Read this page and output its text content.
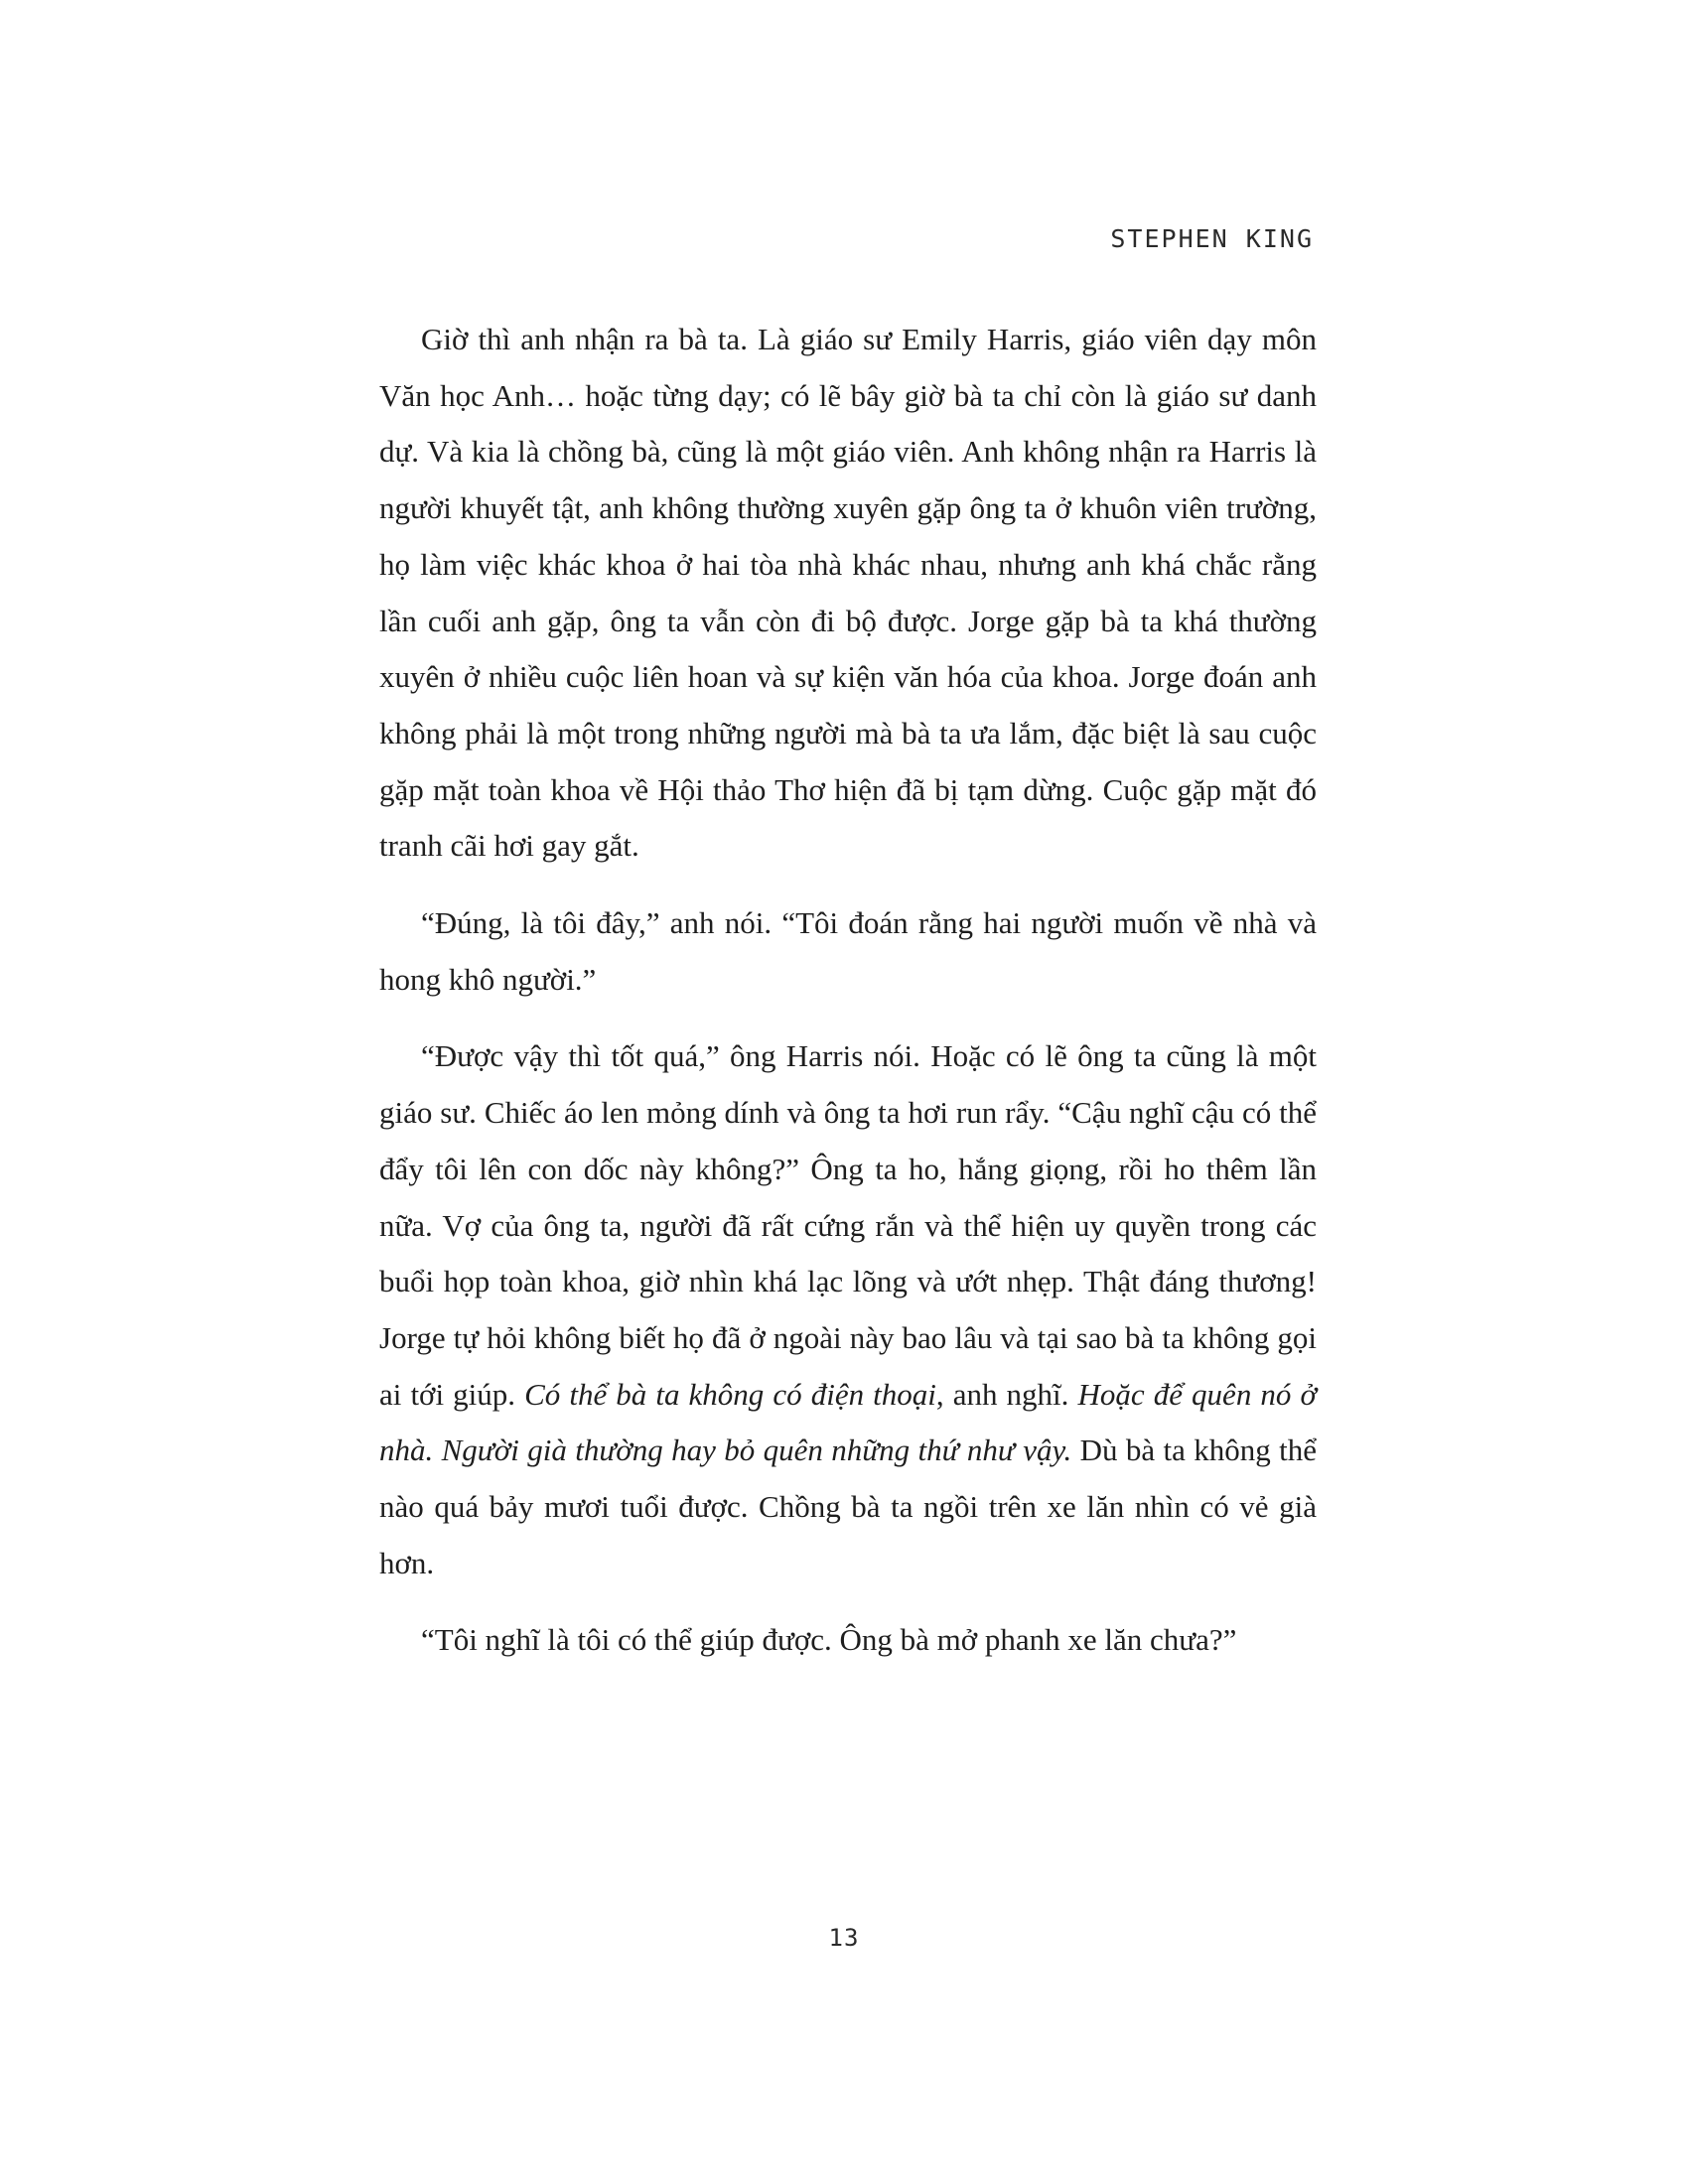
STEPHEN KING

Giờ thì anh nhận ra bà ta. Là giáo sư Emily Harris, giáo viên dạy môn Văn học Anh… hoặc từng dạy; có lẽ bây giờ bà ta chỉ còn là giáo sư danh dự. Và kia là chồng bà, cũng là một giáo viên. Anh không nhận ra Harris là người khuyết tật, anh không thường xuyên gặp ông ta ở khuôn viên trường, họ làm việc khác khoa ở hai tòa nhà khác nhau, nhưng anh khá chắc rằng lần cuối anh gặp, ông ta vẫn còn đi bộ được. Jorge gặp bà ta khá thường xuyên ở nhiều cuộc liên hoan và sự kiện văn hóa của khoa. Jorge đoán anh không phải là một trong những người mà bà ta ưa lắm, đặc biệt là sau cuộc gặp mặt toàn khoa về Hội thảo Thơ hiện đã bị tạm dừng. Cuộc gặp mặt đó tranh cãi hơi gay gắt.

“Đúng, là tôi đây,” anh nói. “Tôi đoán rằng hai người muốn về nhà và hong khô người.”

“Được vậy thì tốt quá,” ông Harris nói. Hoặc có lẽ ông ta cũng là một giáo sư. Chiếc áo len mỏng dính và ông ta hơi run rẩy. “Cậu nghĩ cậu có thể đẩy tôi lên con dốc này không?” Ông ta ho, hắng giọng, rồi ho thêm lần nữa. Vợ của ông ta, người đã rất cứng rắn và thể hiện uy quyền trong các buổi họp toàn khoa, giờ nhìn khá lạc lõng và ướt nhẹp. Thật đáng thương! Jorge tự hỏi không biết họ đã ở ngoài này bao lâu và tại sao bà ta không gọi ai tới giúp. Có thể bà ta không có điện thoại, anh nghĩ. Hoặc để quên nó ở nhà. Người già thường hay bỏ quên những thứ như vậy. Dù bà ta không thể nào quá bảy mươi tuổi được. Chồng bà ta ngồi trên xe lăn nhìn có vẻ già hơn.

“Tôi nghĩ là tôi có thể giúp được. Ông bà mở phanh xe lăn chưa?”

13
